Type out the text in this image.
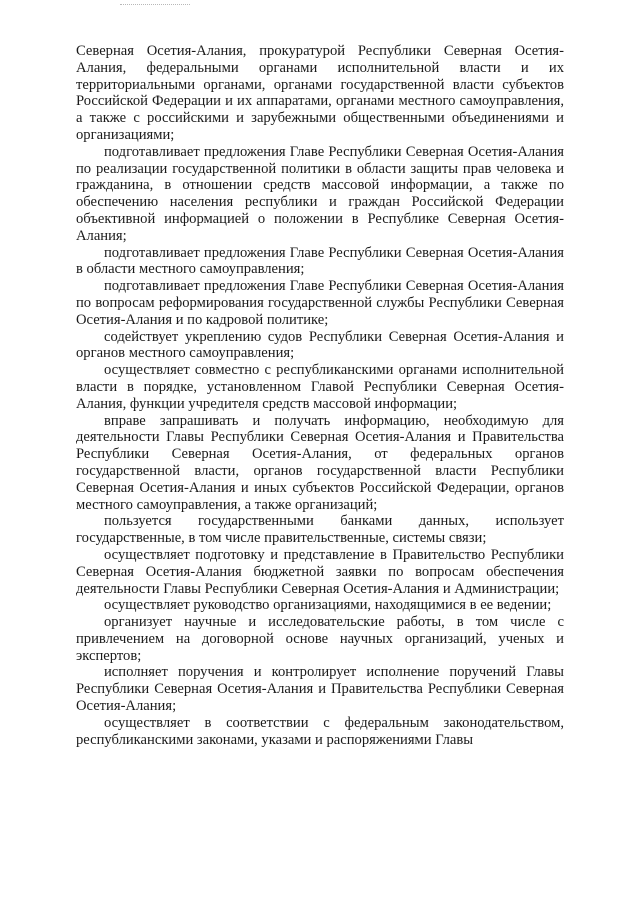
Северная Осетия-Алания, прокуратурой Республики Северная Осетия-Алания, федеральными органами исполнительной власти и их территориальными органами, органами государственной власти субъектов Российской Федерации и их аппаратами, органами местного самоуправления, а также с российскими и зарубежными общественными объединениями и организациями;

подготавливает предложения Главе Республики Северная Осетия-Алания по реализации государственной политики в области защиты прав человека и гражданина, в отношении средств массовой информации, а также по обеспечению населения республики и граждан Российской Федерации объективной информацией о положении в Республике Северная Осетия-Алания;

подготавливает предложения Главе Республики Северная Осетия-Алания в области местного самоуправления;

подготавливает предложения Главе Республики Северная Осетия-Алания по вопросам реформирования государственной службы Республики Северная Осетия-Алания и по кадровой политике;

содействует укреплению судов Республики Северная Осетия-Алания и органов местного самоуправления;

осуществляет совместно с республиканскими органами исполнительной власти в порядке, установленном Главой Республики Северная Осетия-Алания, функции учредителя средств массовой информации;

вправе запрашивать и получать информацию, необходимую для деятельности Главы Республики Северная Осетия-Алания и Правительства Республики Северная Осетия-Алания, от федеральных органов государственной власти, органов государственной власти Республики Северная Осетия-Алания и иных субъектов Российской Федерации, органов местного самоуправления, а также организаций;

пользуется государственными банками данных, использует государственные, в том числе правительственные, системы связи;

осуществляет подготовку и представление в Правительство Республики Северная Осетия-Алания бюджетной заявки по вопросам обеспечения деятельности Главы Республики Северная Осетия-Алания и Администрации;

осуществляет руководство организациями, находящимися в ее ведении;

организует научные и исследовательские работы, в том числе с привлечением на договорной основе научных организаций, ученых и экспертов;

исполняет поручения и контролирует исполнение поручений Главы Республики Северная Осетия-Алания и Правительства Республики Северная Осетия-Алания;

осуществляет в соответствии с федеральным законодательством, республиканскими законами, указами и распоряжениями Главы
